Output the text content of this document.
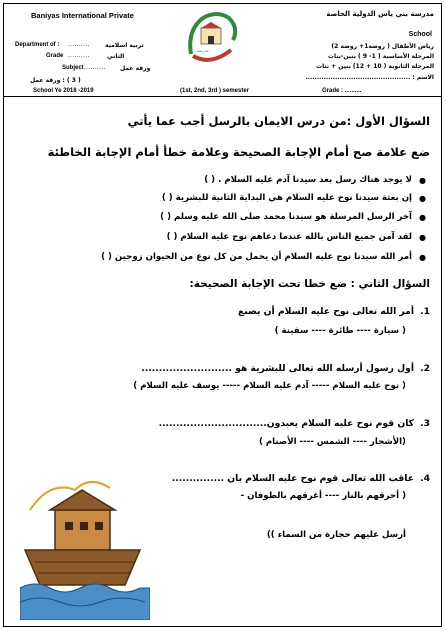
Baniyas International Private
Department of : ..........	تربية اسلامية
Grade ..........	الثاني
Subject .......... ورقة عمل
( 3 ) : ورقة عمل
School Ye 2018 -2019
مدرسة
مدرسة بني ياس الدولية الخاصة
School
رياض الأطفال ( روضة1+ روضة 2)
المرحلة الأساسية ( 1- 9 ) بنين-بنات
المرحلة الثانوية ( 10 + 12) بنين + بنات
الاسم : ..............................................
(1st, 2nd, 3rd ) semester	Grade : ..........
السؤال الأول :من درس الايمان بالرسل أجب عما يأتي
ضع علامة صح أمام الإجابة الصحيحة وعلامة خطأ أمام الإجابة الخاطئة
لا يوجد هناك رسل بعد سيدنا آدم عليه السلام . ( ) ●
إن بعثة سيدنا نوح عليه السلام هي البداية الثانية للبشرية ( ) ●
آخر الرسل المرسلة هو سيدنا محمد صلى الله عليه وسلم ( ) ●
لقد آمن جميع الناس بالله عندما دعاهم نوح عليه السلام ( ) ●
أمر الله سيدنا نوح عليه السلام أن يحمل من كل نوع من الحيوان زوجين ( ) ●
السؤال الثاني : ضع خطا تحت الإجابة الصحيحة:
.1
أمر الله تعالى نوح عليه السلام أن يصنع
( سيارة ---- طائرة ---- سفينة )
.2
أول رسول أرسله الله تعالى للبشرية هو ..........................
( نوح عليه السلام ----- آدم عليه السلام ----- يوسف عليه السلام )
.3
كان قوم نوح عليه السلام يعبدون...............................
(الأشجار ---- الشمس ---- الأصنام )
.4
عاقب الله تعالى قوم نوح عليه السلام بان ...............
( أحرقهم بالنار ---- أغرقهم بالطوفان -
أرسل عليهم حجارة من السماء ))
